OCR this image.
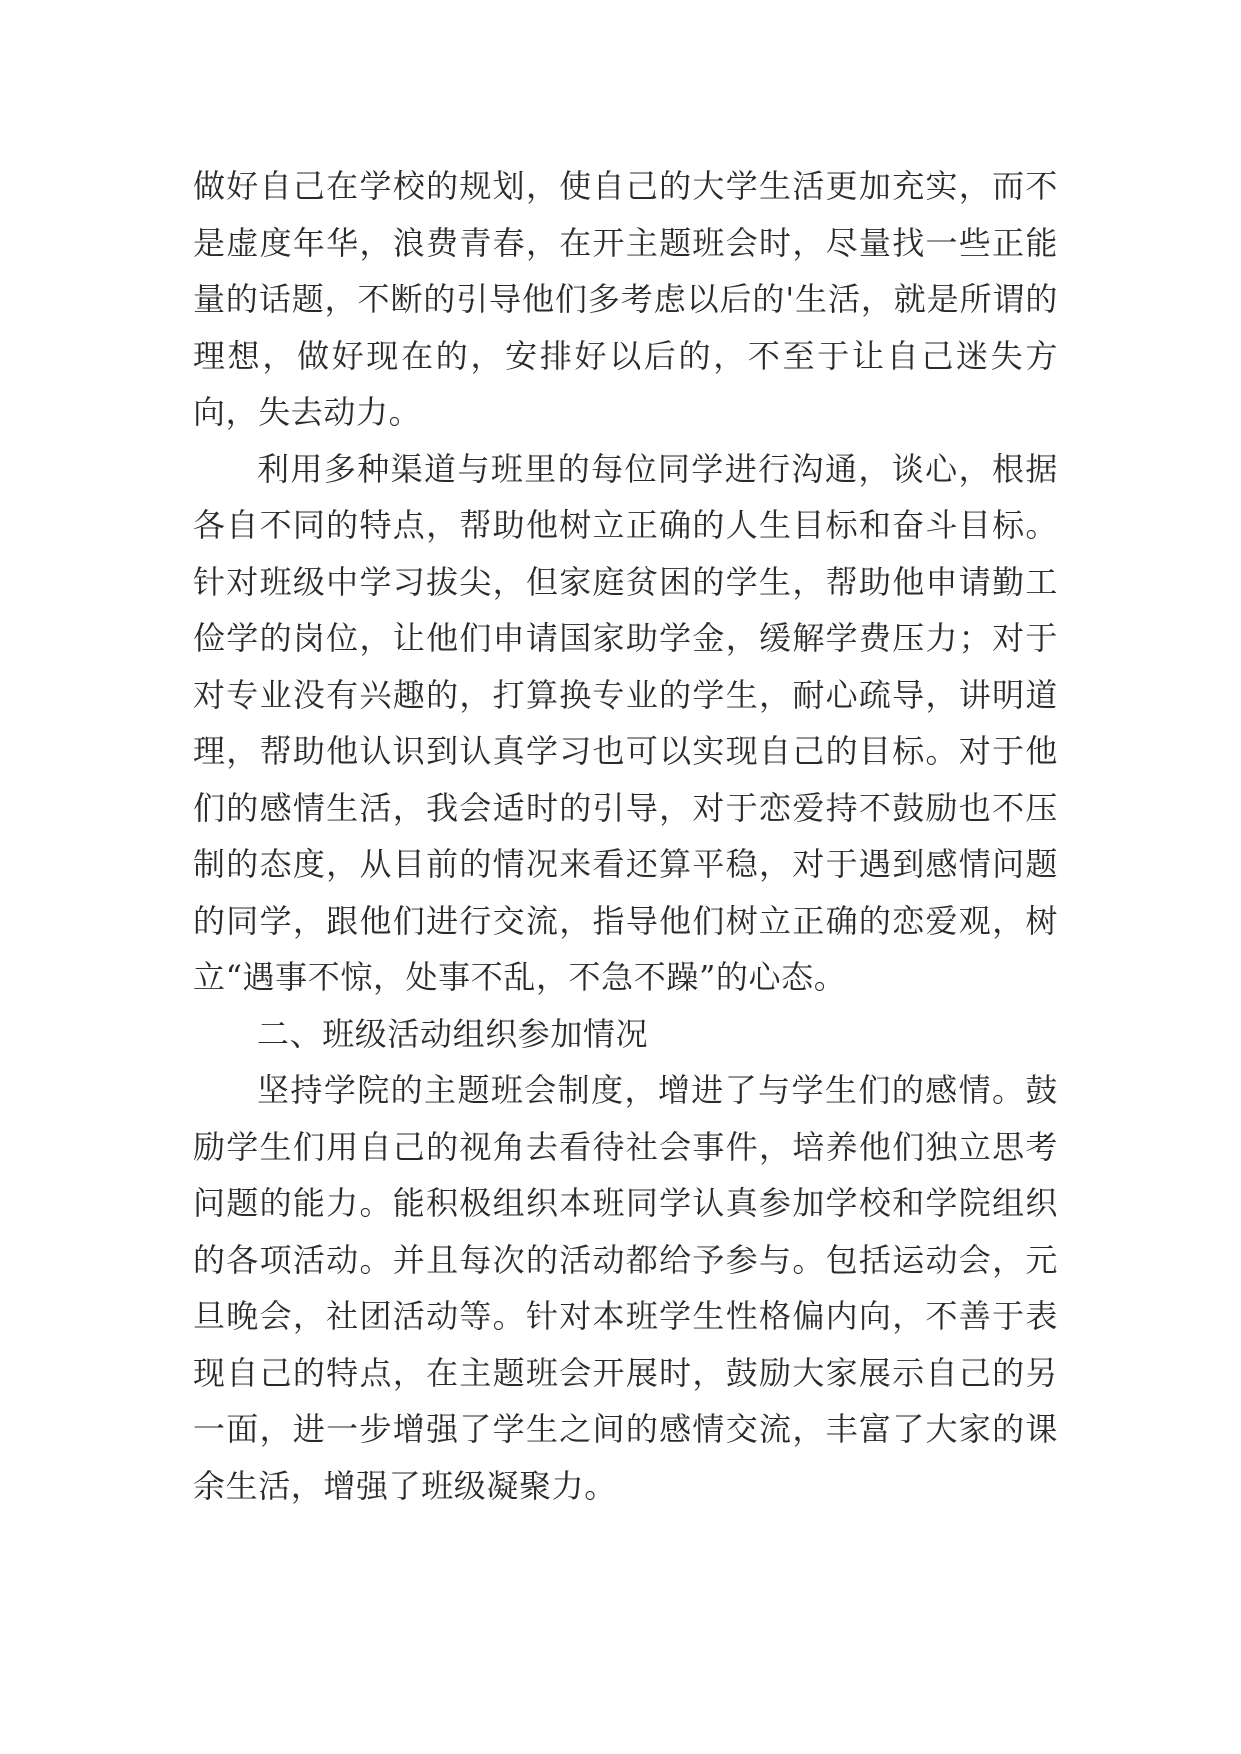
做好自己在学校的规划，使自己的大学生活更加充实，而不是虚度年华，浪费青春，在开主题班会时，尽量找一些正能量的话题，不断的引导他们多考虑以后的'生活，就是所谓的理想，做好现在的，安排好以后的，不至于让自己迷失方向，失去动力。

利用多种渠道与班里的每位同学进行沟通，谈心，根据各自不同的特点，帮助他树立正确的人生目标和奋斗目标。针对班级中学习拔尖，但家庭贫困的学生，帮助他申请勤工俭学的岗位，让他们申请国家助学金，缓解学费压力；对于对专业没有兴趣的，打算换专业的学生，耐心疏导，讲明道理，帮助他认识到认真学习也可以实现自己的目标。对于他们的感情生活，我会适时的引导，对于恋爱持不鼓励也不压制的态度，从目前的情况来看还算平稳，对于遇到感情问题的同学，跟他们进行交流，指导他们树立正确的恋爱观，树立“遇事不惊，处事不乱，不急不躁”的心态。

二、班级活动组织参加情况

坚持学院的主题班会制度，增进了与学生们的感情。鼓励学生们用自己的视角去看待社会事件，培养他们独立思考问题的能力。能积极组织本班同学认真参加学校和学院组织的各项活动。并且每次的活动都给予参与。包括运动会，元旦晚会，社团活动等。针对本班学生性格偏内向，不善于表现自己的特点，在主题班会开展时，鼓励大家展示自己的另一面，进一步增强了学生之间的感情交流，丰富了大家的课余生活，增强了班级凝聚力。
